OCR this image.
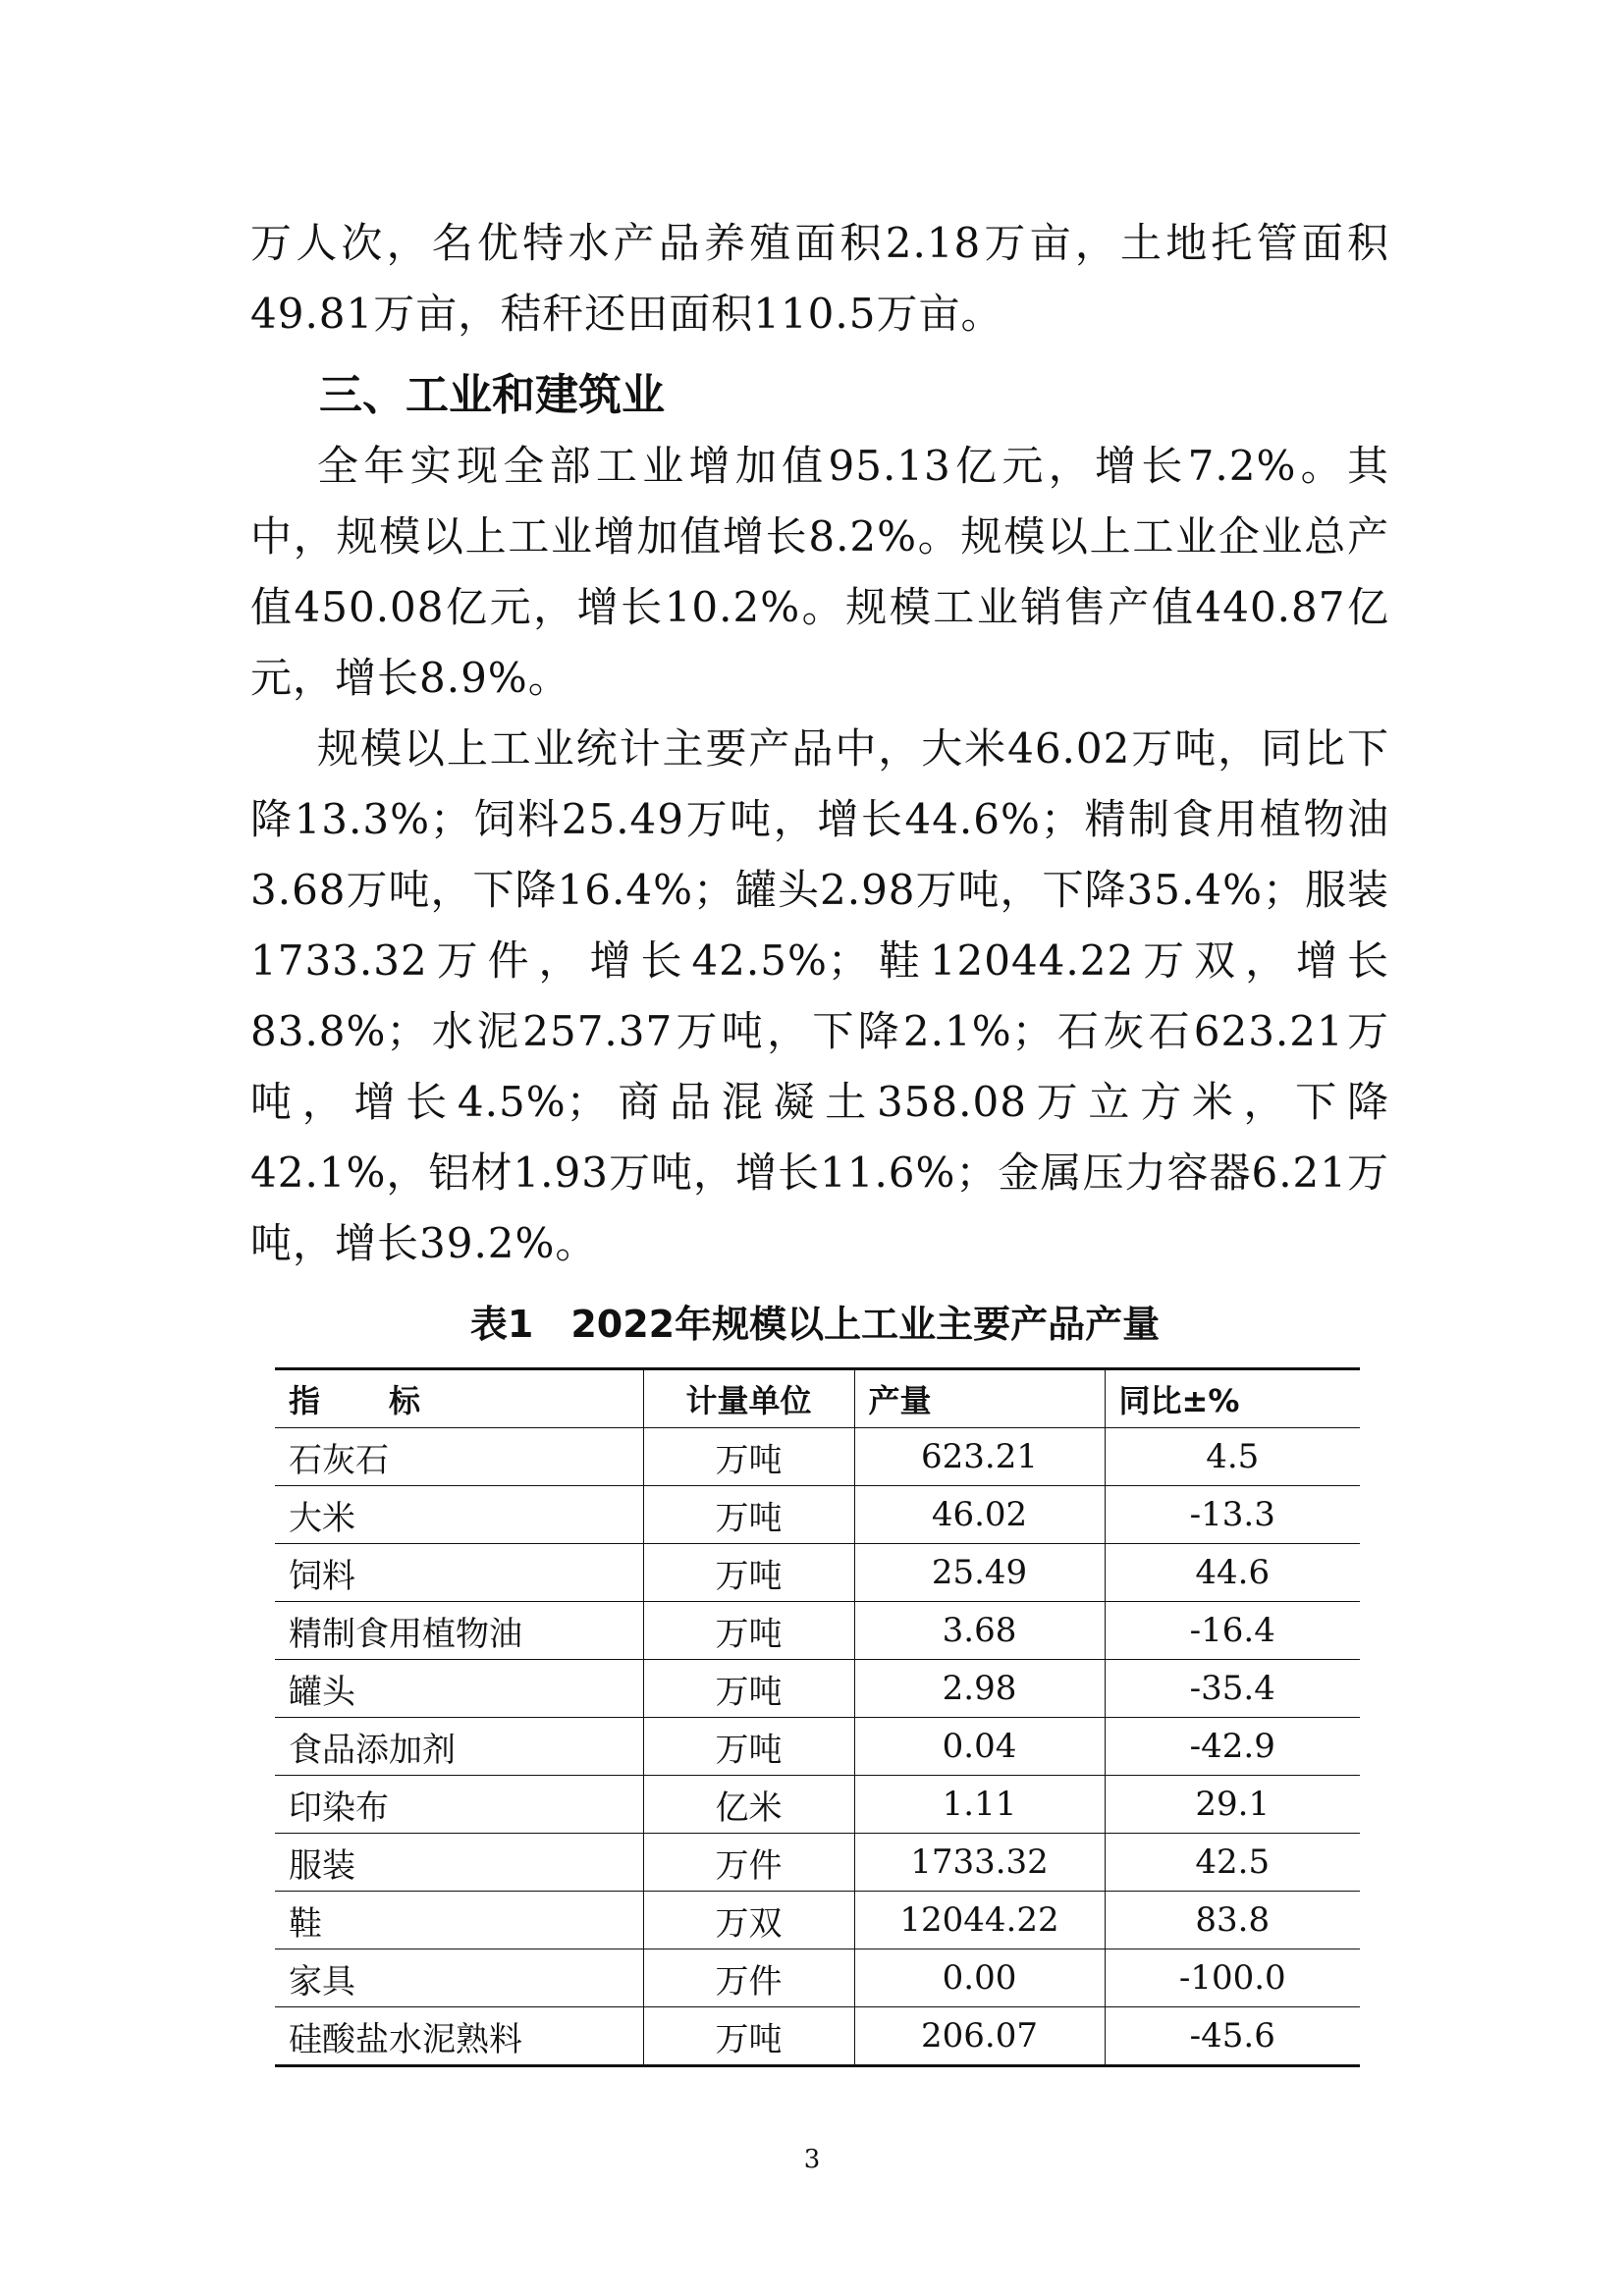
万人次，名优特水产品养殖面积2.18万亩，土地托管面积49.81万亩，秸秆还田面积110.5万亩。

三、工业和建筑业

全年实现全部工业增加值95.13亿元，增长7.2%。其中，规模以上工业增加值增长8.2%。规模以上工业企业总产值450.08亿元，增长10.2%。规模工业销售产值440.87亿元，增长8.9%。

规模以上工业统计主要产品中，大米46.02万吨，同比下降13.3%；饲料25.49万吨，增长44.6%；精制食用植物油3.68万吨，下降16.4%；罐头2.98万吨，下降35.4%；服装1733.32万件，增长42.5%；鞋12044.22万双，增长83.8%；水泥257.37万吨，下降2.1%；石灰石623.21万吨，增长4.5%；商品混凝土358.08万立方米，下降42.1%，铝材1.93万吨，增长11.6%；金属压力容器6.21万吨，增长39.2%。

表1　2022年规模以上工业主要产品产量

指标	计量单位	产量	同比±%
石灰石	万吨	623.21	4.5
大米	万吨	46.02	-13.3
饲料	万吨	25.49	44.6
精制食用植物油	万吨	3.68	-16.4
罐头	万吨	2.98	-35.4
食品添加剂	万吨	0.04	-42.9
印染布	亿米	1.11	29.1
服装	万件	1733.32	42.5
鞋	万双	12044.22	83.8
家具	万件	0.00	-100.0
硅酸盐水泥熟料	万吨	206.07	-45.6

3
